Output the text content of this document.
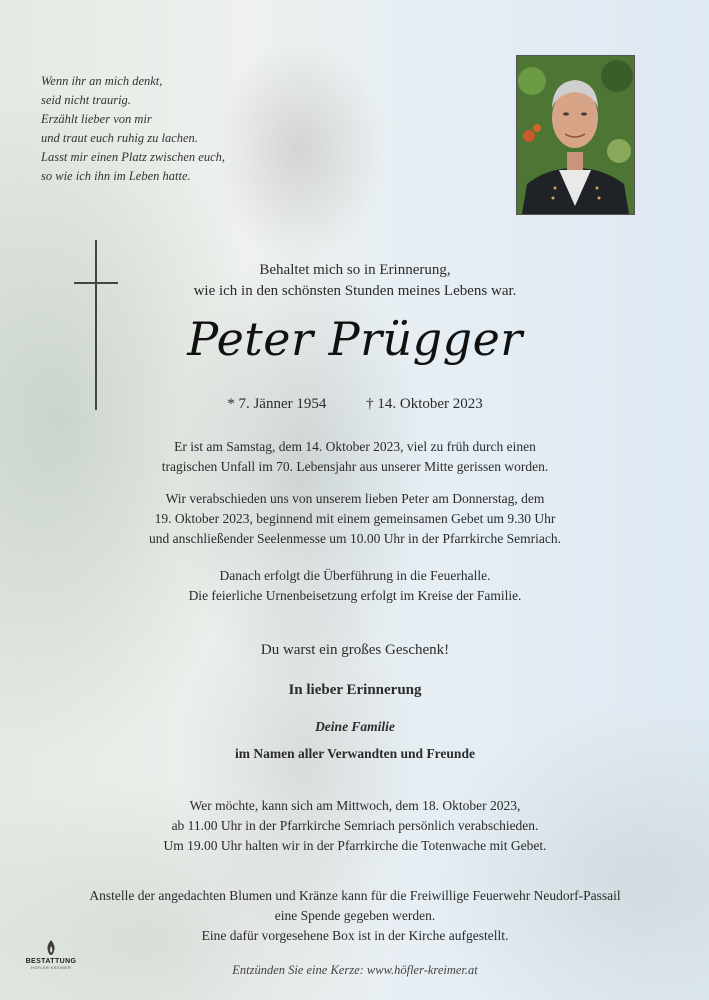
Wenn ihr an mich denkt,
seid nicht traurig.
Erzählt lieber von mir
und traut euch ruhig zu lachen.
Lasst mir einen Platz zwischen euch,
so wie ich ihn im Leben hatte.
Behaltet mich so in Erinnerung,
wie ich in den schönsten Stunden meines Lebens war.
Peter Prügger
* 7. Jänner 1954	† 14. Oktober 2023
Er ist am Samstag, dem 14. Oktober 2023, viel zu früh durch einen
tragischen Unfall im 70. Lebensjahr aus unserer Mitte gerissen worden.
Wir verabschieden uns von unserem lieben Peter am Donnerstag, dem
19. Oktober 2023, beginnend mit einem gemeinsamen Gebet um 9.30 Uhr
und anschließender Seelenmesse um 10.00 Uhr in der Pfarrkirche Semriach.
Danach erfolgt die Überführung in die Feuerhalle.
Die feierliche Urnenbeisetzung erfolgt im Kreise der Familie.
Du warst ein großes Geschenk!
In lieber Erinnerung
Deine Familie
im Namen aller Verwandten und Freunde
Wer möchte, kann sich am Mittwoch, dem 18. Oktober 2023,
ab 11.00 Uhr in der Pfarrkirche Semriach persönlich verabschieden.
Um 19.00 Uhr halten wir in der Pfarrkirche die Totenwache mit Gebet.
Anstelle der angedachten Blumen und Kränze kann für die Freiwillige Feuerwehr Neudorf-Passail
eine Spende gegeben werden.
Eine dafür vorgesehene Box ist in der Kirche aufgestellt.
BESTATTUNG
HÖFLER·KREIMER	Entzünden Sie eine Kerze: www.höfler-kreimer.at
